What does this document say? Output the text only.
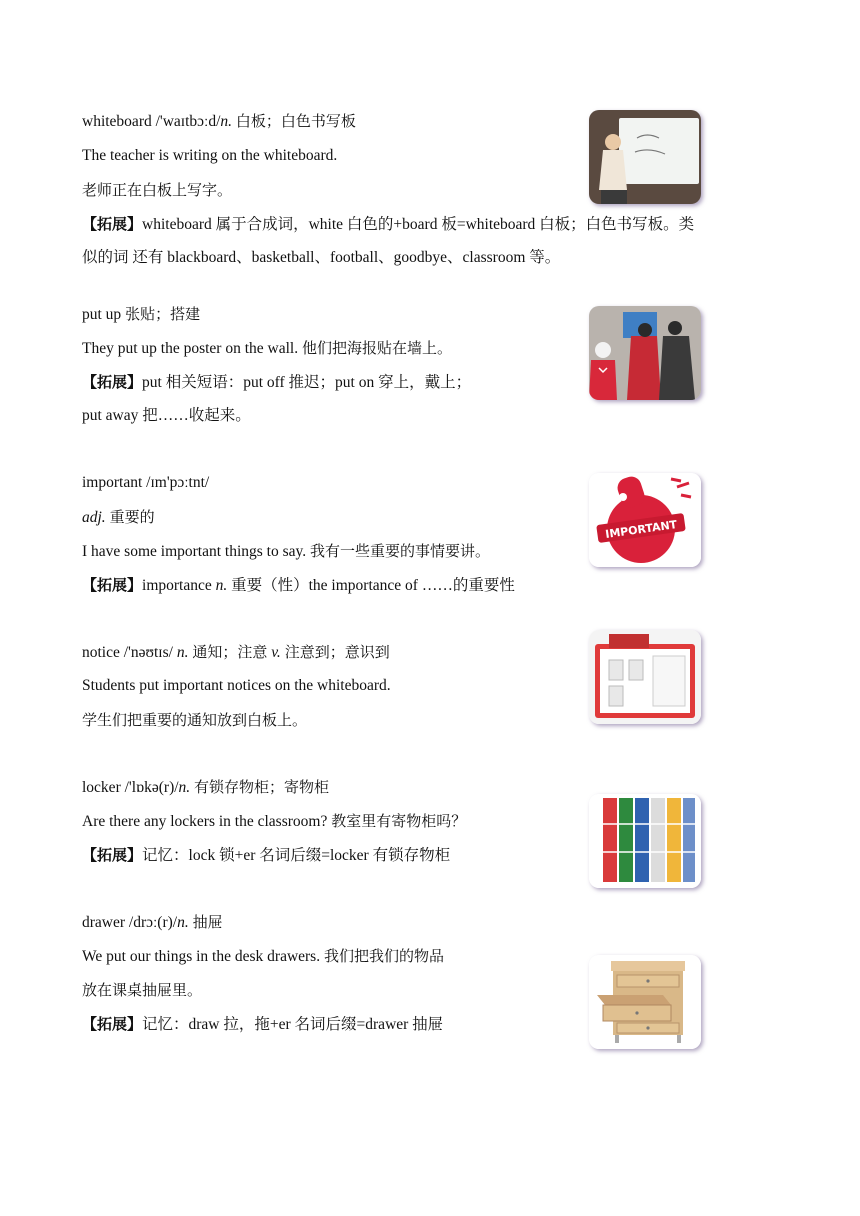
whiteboard /'waɪtbɔːd/n. 白板；白色书写板
The teacher is writing on the whiteboard.
老师正在白板上写字。
【拓展】whiteboard 属于合成词，white 白色的+board 板=whiteboard 白板；白色书写板。类
似的词 还有 blackboard、basketball、football、goodbye、classroom 等。
put up 张贴；搭建
They put up the poster on the wall. 他们把海报贴在墙上。
【拓展】put 相关短语：put off 推迟；put on 穿上，戴上；
put away 把……收起来。
important /ɪm'pɔːtnt/
adj. 重要的
I have some important things to say. 我有一些重要的事情要讲。
【拓展】importance n. 重要（性）the importance of ……的重要性
IMPORTANT
notice /'nəʊtɪs/ n. 通知；注意 v. 注意到；意识到
Students put important notices on the whiteboard.
学生们把重要的通知放到白板上。
locker /'lɒkə(r)/n. 有锁存物柜；寄物柜
Are there any lockers in the classroom? 教室里有寄物柜吗？
【拓展】记忆：lock 锁+er 名词后缀=locker 有锁存物柜
drawer /drɔː(r)/n. 抽屉
We put our things in the desk drawers. 我们把我们的物品
放在课桌抽屉里。
【拓展】记忆：draw 拉，拖+er 名词后缀=drawer 抽屉
